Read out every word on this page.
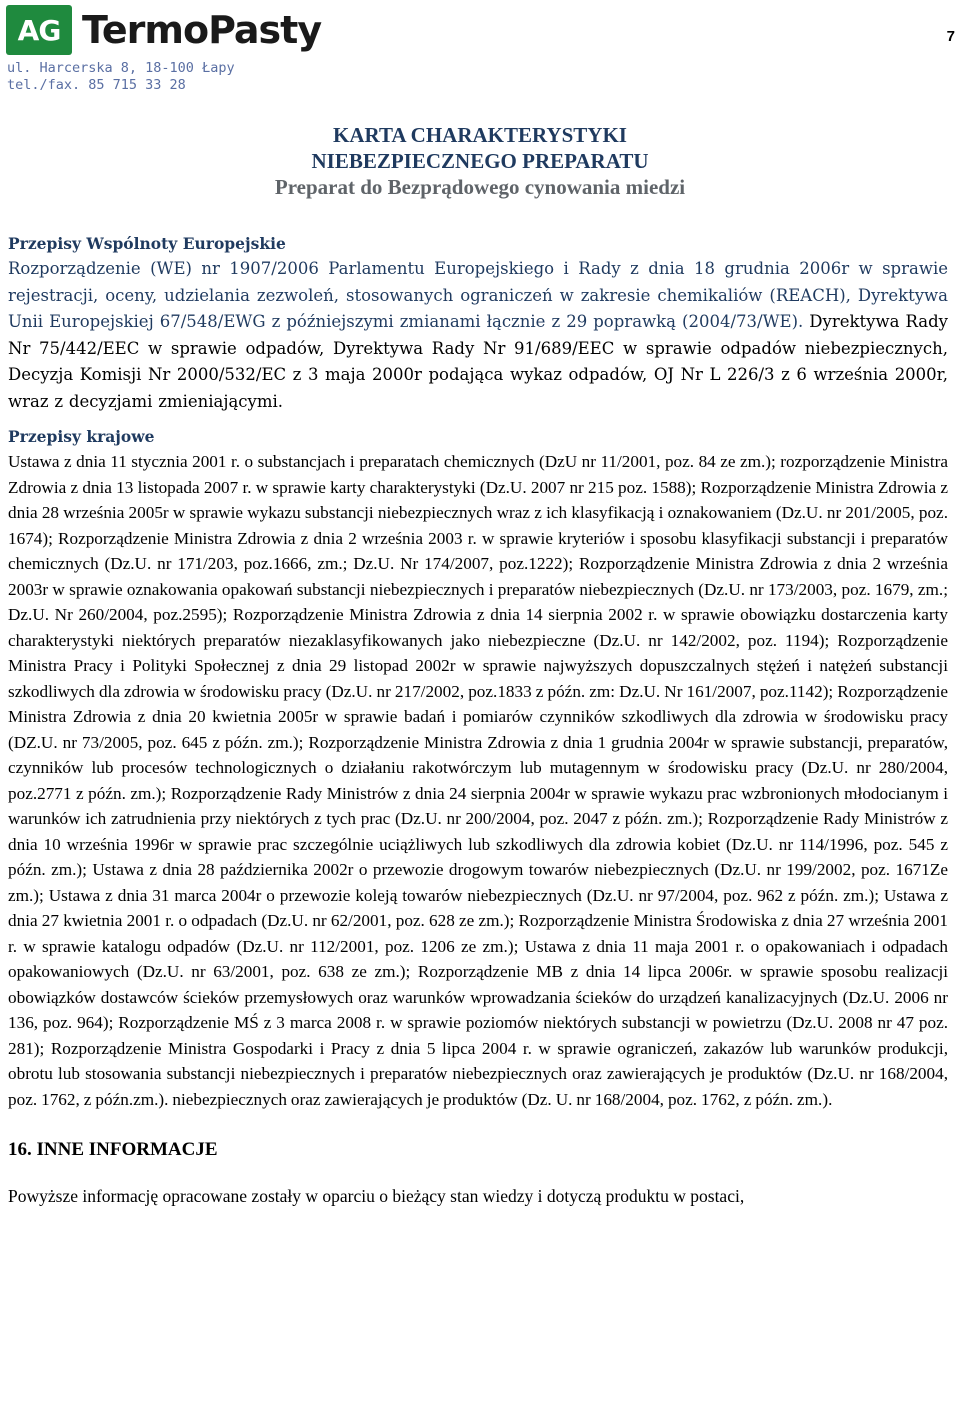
AG TermoPasty
ul. Harcerska 8, 18-100 Łapy
tel./fax. 85 715 33 28
7
KARTA CHARAKTERYSTYKI
NIEBEZPIECZNEGO PREPARATU
Preparat do Bezprądowego cynowania miedzi

Przepisy Wspólnoty Europejskie

Rozporządzenie (WE) nr 1907/2006 Parlamentu Europejskiego i Rady z dnia 18 grudnia 2006r w sprawie rejestracji, oceny, udzielania zezwoleń, stosowanych ograniczeń w zakresie chemikaliów (REACH), Dyrektywa Unii Europejskiej 67/548/EWG z późniejszymi zmianami łącznie z 29 poprawką (2004/73/WE). Dyrektywa Rady Nr 75/442/EEC w sprawie odpadów, Dyrektywa Rady Nr 91/689/EEC w sprawie odpadów niebezpiecznych, Decyzja Komisji Nr 2000/532/EC z 3 maja 2000r podająca wykaz odpadów, OJ Nr L 226/3 z 6 września 2000r, wraz z decyzjami zmieniającymi.

Przepisy krajowe

Ustawa z dnia 11 stycznia 2001 r. o substancjach i preparatach chemicznych (DzU nr 11/2001, poz. 84 ze zm.); rozporządzenie Ministra Zdrowia z dnia 13 listopada 2007 r. w sprawie karty charakterystyki (Dz.U. 2007 nr 215 poz. 1588); Rozporządzenie Ministra Zdrowia z dnia 28 września 2005r w sprawie wykazu substancji niebezpiecznych wraz z ich klasyfikacją i oznakowaniem (Dz.U. nr 201/2005, poz. 1674); Rozporządzenie Ministra Zdrowia z dnia 2 września 2003 r. w sprawie kryteriów i sposobu klasyfikacji substancji i preparatów chemicznych (Dz.U. nr 171/203, poz.1666, zm.; Dz.U. Nr 174/2007, poz.1222); Rozporządzenie Ministra Zdrowia z dnia 2 września 2003r w sprawie oznakowania opakowań substancji niebezpiecznych i preparatów niebezpiecznych (Dz.U. nr 173/2003, poz. 1679, zm.; Dz.U. Nr 260/2004, poz.2595); Rozporządzenie Ministra Zdrowia z dnia 14 sierpnia 2002 r. w sprawie obowiązku dostarczenia karty charakterystyki niektórych preparatów niezaklasyfikowanych jako niebezpieczne (Dz.U. nr 142/2002, poz. 1194); Rozporządzenie Ministra Pracy i Polityki Społecznej z dnia 29 listopad 2002r w sprawie najwyższych dopuszczalnych stężeń i natężeń substancji szkodliwych dla zdrowia w środowisku pracy (Dz.U. nr 217/2002, poz.1833 z późn. zm: Dz.U. Nr 161/2007, poz.1142); Rozporządzenie Ministra Zdrowia z dnia 20 kwietnia 2005r w sprawie badań i pomiarów czynników szkodliwych dla zdrowia w środowisku pracy (DZ.U. nr 73/2005, poz. 645 z późn. zm.); Rozporządzenie Ministra Zdrowia z dnia 1 grudnia 2004r w sprawie substancji, preparatów, czynników lub procesów technologicznych o działaniu rakotwórczym lub mutagennym w środowisku pracy (Dz.U. nr 280/2004, poz.2771 z późn. zm.); Rozporządzenie Rady Ministrów z dnia 24 sierpnia 2004r w sprawie wykazu prac wzbronionych młodocianym i warunków ich zatrudnienia przy niektórych z tych prac (Dz.U. nr 200/2004, poz. 2047 z późn. zm.); Rozporządzenie Rady Ministrów z dnia 10 września 1996r w sprawie prac szczególnie uciążliwych lub szkodliwych dla zdrowia kobiet (Dz.U. nr 114/1996, poz. 545 z późn. zm.); Ustawa z dnia 28 października 2002r o przewozie drogowym towarów niebezpiecznych (Dz.U. nr 199/2002, poz. 1671Ze zm.); Ustawa z dnia 31 marca 2004r o przewozie koleją towarów niebezpiecznych (Dz.U. nr 97/2004, poz. 962 z późn. zm.); Ustawa z dnia 27 kwietnia 2001 r. o odpadach (Dz.U. nr 62/2001, poz. 628 ze zm.); Rozporządzenie Ministra Środowiska z dnia 27 września 2001 r. w sprawie katalogu odpadów (Dz.U. nr 112/2001, poz. 1206 ze zm.); Ustawa z dnia 11 maja 2001 r. o opakowaniach i odpadach opakowaniowych (Dz.U. nr 63/2001, poz. 638 ze zm.); Rozporządzenie MB z dnia 14 lipca 2006r. w sprawie sposobu realizacji obowiązków dostawców ścieków przemysłowych oraz warunków wprowadzania ścieków do urządzeń kanalizacyjnych (Dz.U. 2006 nr 136, poz. 964); Rozporządzenie MŚ z 3 marca 2008 r. w sprawie poziomów niektórych substancji w powietrzu (Dz.U. 2008 nr 47 poz. 281); Rozporządzenie Ministra Gospodarki i Pracy z dnia 5 lipca 2004 r. w sprawie ograniczeń, zakazów lub warunków produkcji, obrotu lub stosowania substancji niebezpiecznych i preparatów niebezpiecznych oraz zawierających je produktów (Dz.U. nr 168/2004, poz. 1762, z późn.zm.). niebezpiecznych oraz zawierających je produktów (Dz. U. nr 168/2004, poz. 1762, z późn. zm.).

16. INNE INFORMACJE

Powyższe informację opracowane zostały w oparciu o bieżący stan wiedzy i dotyczą produktu w postaci,
